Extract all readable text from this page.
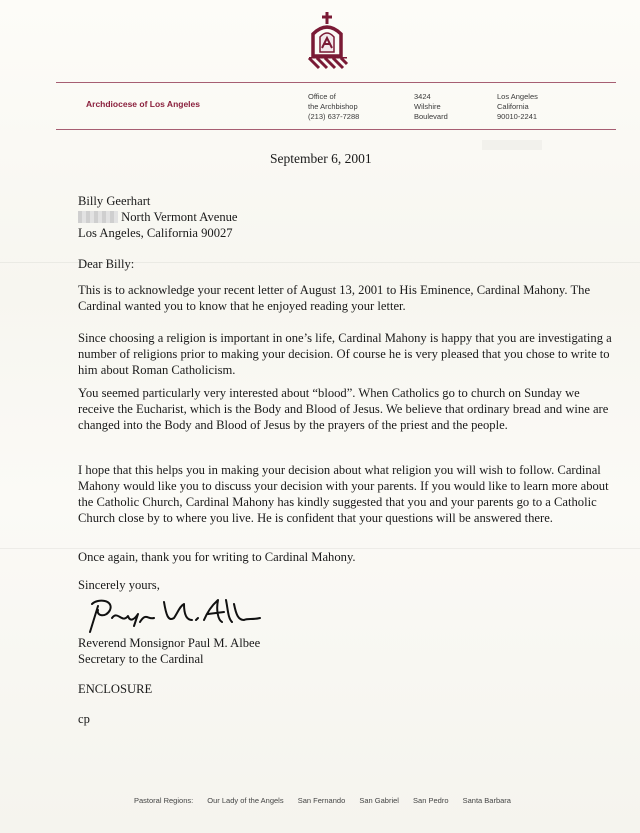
Archdiocese of Los Angeles
Office of
the Archbishop
(213) 637-7288
3424
Wilshire
Boulevard
Los Angeles
California
90010-2241
September 6, 2001

Billy Geerhart

North Vermont Avenue

Los Angeles, California 90027

Dear Billy:
This is to acknowledge your recent letter of August 13, 2001 to His Eminence, Cardinal Mahony. The Cardinal wanted you to know that he enjoyed reading your letter.
Since choosing a religion is important in one’s life, Cardinal Mahony is happy that you are investigating a number of religions prior to making your decision. Of course he is very pleased that you chose to write to him about Roman Catholicism.
You seemed particularly very interested about “blood”. When Catholics go to church on Sunday we receive the Eucharist, which is the Body and Blood of Jesus. We believe that ordinary bread and wine are changed into the Body and Blood of Jesus by the prayers of the priest and the people.
I hope that this helps you in making your decision about what religion you will wish to follow. Cardinal Mahony would like you to discuss your decision with your parents. If you would like to learn more about the Catholic Church, Cardinal Mahony has kindly suggested that you and your parents go to a Catholic Church close by to where you live. He is confident that your questions will be answered there.
Once again, thank you for writing to Cardinal Mahony.
Sincerely yours,

Reverend Monsignor Paul M. Albee

Secretary to the Cardinal

ENCLOSURE
cp
Pastoral Regions: Our Lady of the Angels San Fernando San Gabriel San Pedro Santa Barbara
